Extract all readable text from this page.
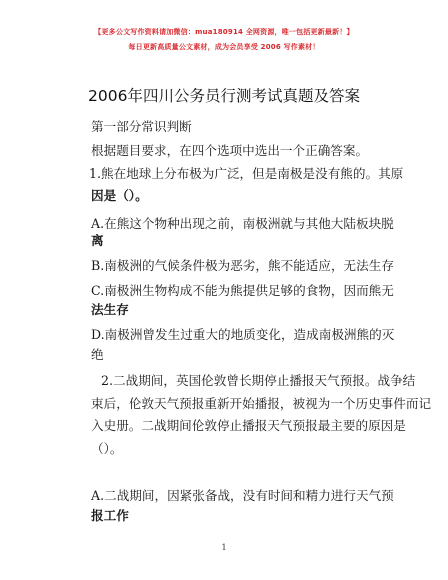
【更多公文写作资料请加微信：mua180914 全网资源，唯一包括更新最新！】
每日更新高质量公文素材，成为会员享受 2006 写作素材！
2006年四川公务员行测考试真题及答案
第一部分常识判断
根据题目要求，在四个选项中选出一个正确答案。
1.熊在地球上分布极为广泛，但是南极是没有熊的。其原
因是（）。
A.在熊这个物种出现之前，南极洲就与其他大陆板块脱
离
B.南极洲的气候条件极为恶劣，熊不能适应，无法生存
C.南极洲生物构成不能为熊提供足够的食物，因而熊无
法生存
D.南极洲曾发生过重大的地质变化，造成南极洲熊的灭
绝
2.二战期间，英国伦敦曾长期停止播报天气预报。战争结
束后，伦敦天气预报重新开始播报，被视为一个历史事件而记
入史册。二战期间伦敦停止播报天气预报最主要的原因是
（）。
A.二战期间，因紧张备战，没有时间和精力进行天气预
报工作
1
